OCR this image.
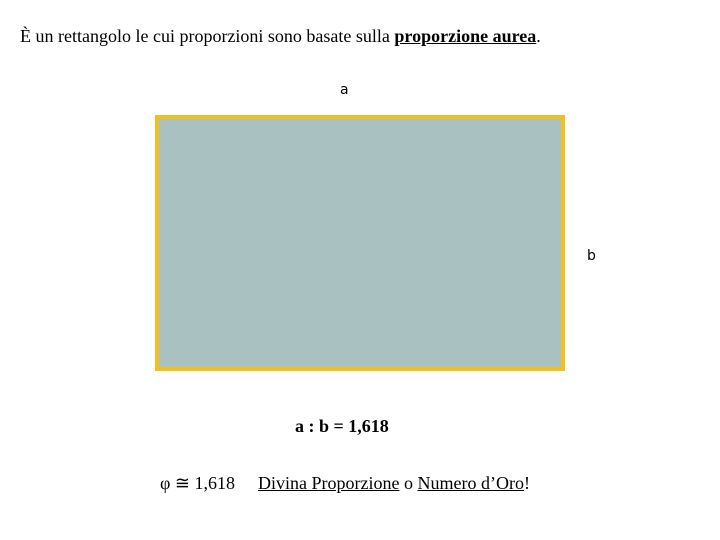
È un rettangolo le cui proporzioni sono basate sulla proporzione aurea.
a
b
a : b = 1,618
φ ≅ 1,618 Divina Proporzione o Numero d’Oro!
